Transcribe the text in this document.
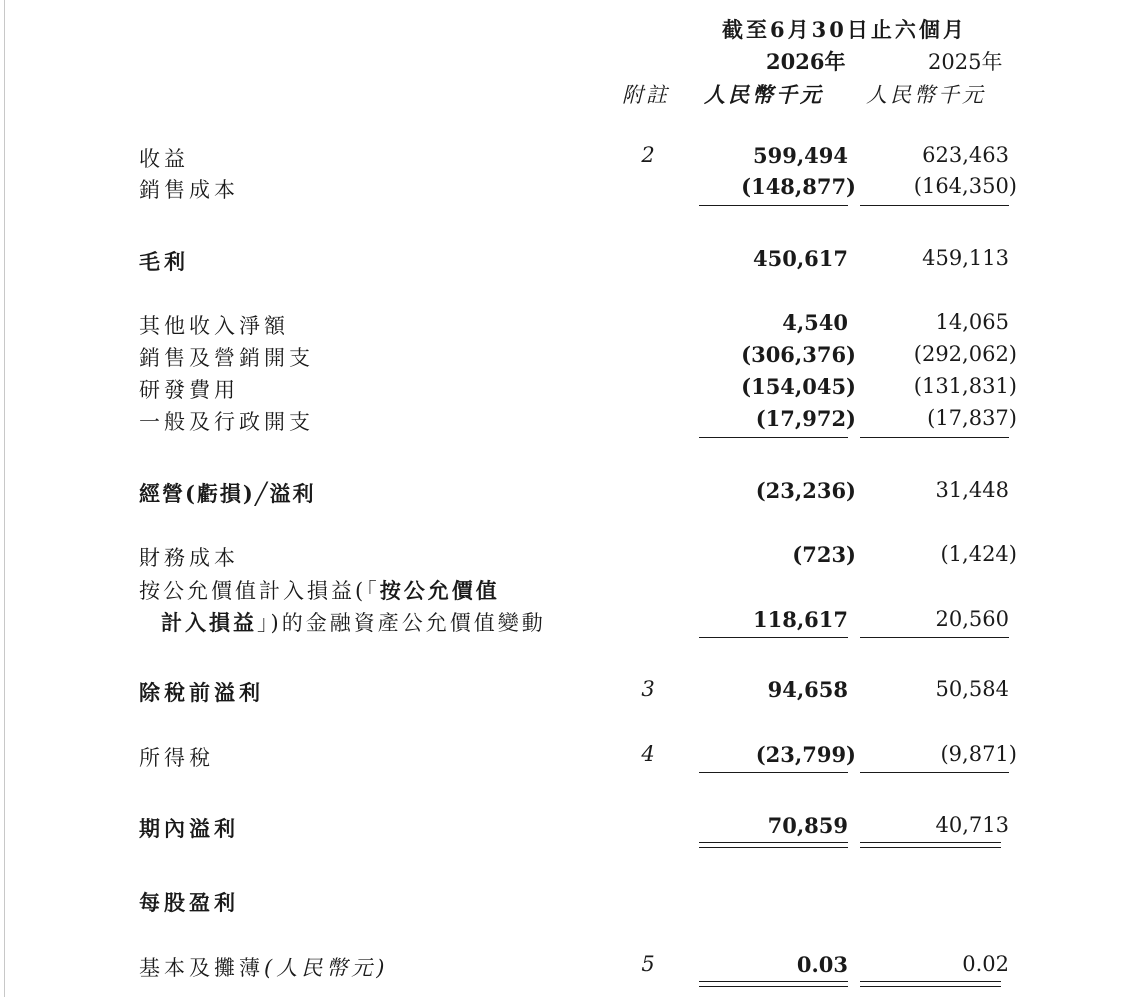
截至6月30日止六個月
2026年	2025年
附註 人民幣千元 人民幣千元
收益	2	599,494	623,463
銷售成本	(148,877)	(164,350)
毛利	450,617	459,113
其他收入淨額	4,540	14,065
銷售及營銷開支	(306,376)	(292,062)
研發費用	(154,045)	(131,831)
一般及行政開支	(17,972)	(17,837)
經營(虧損)╱溢利	(23,236)	31,448
財務成本	(723)	(1,424)
按公允價值計入損益(「按公允價值
計入損益」)的金融資產公允價值變動	118,617	20,560
除稅前溢利	3	94,658	50,584
所得稅	4	(23,799)	(9,871)
期內溢利	70,859	40,713
每股盈利
基本及攤薄(人民幣元)	5	0.03	0.02
